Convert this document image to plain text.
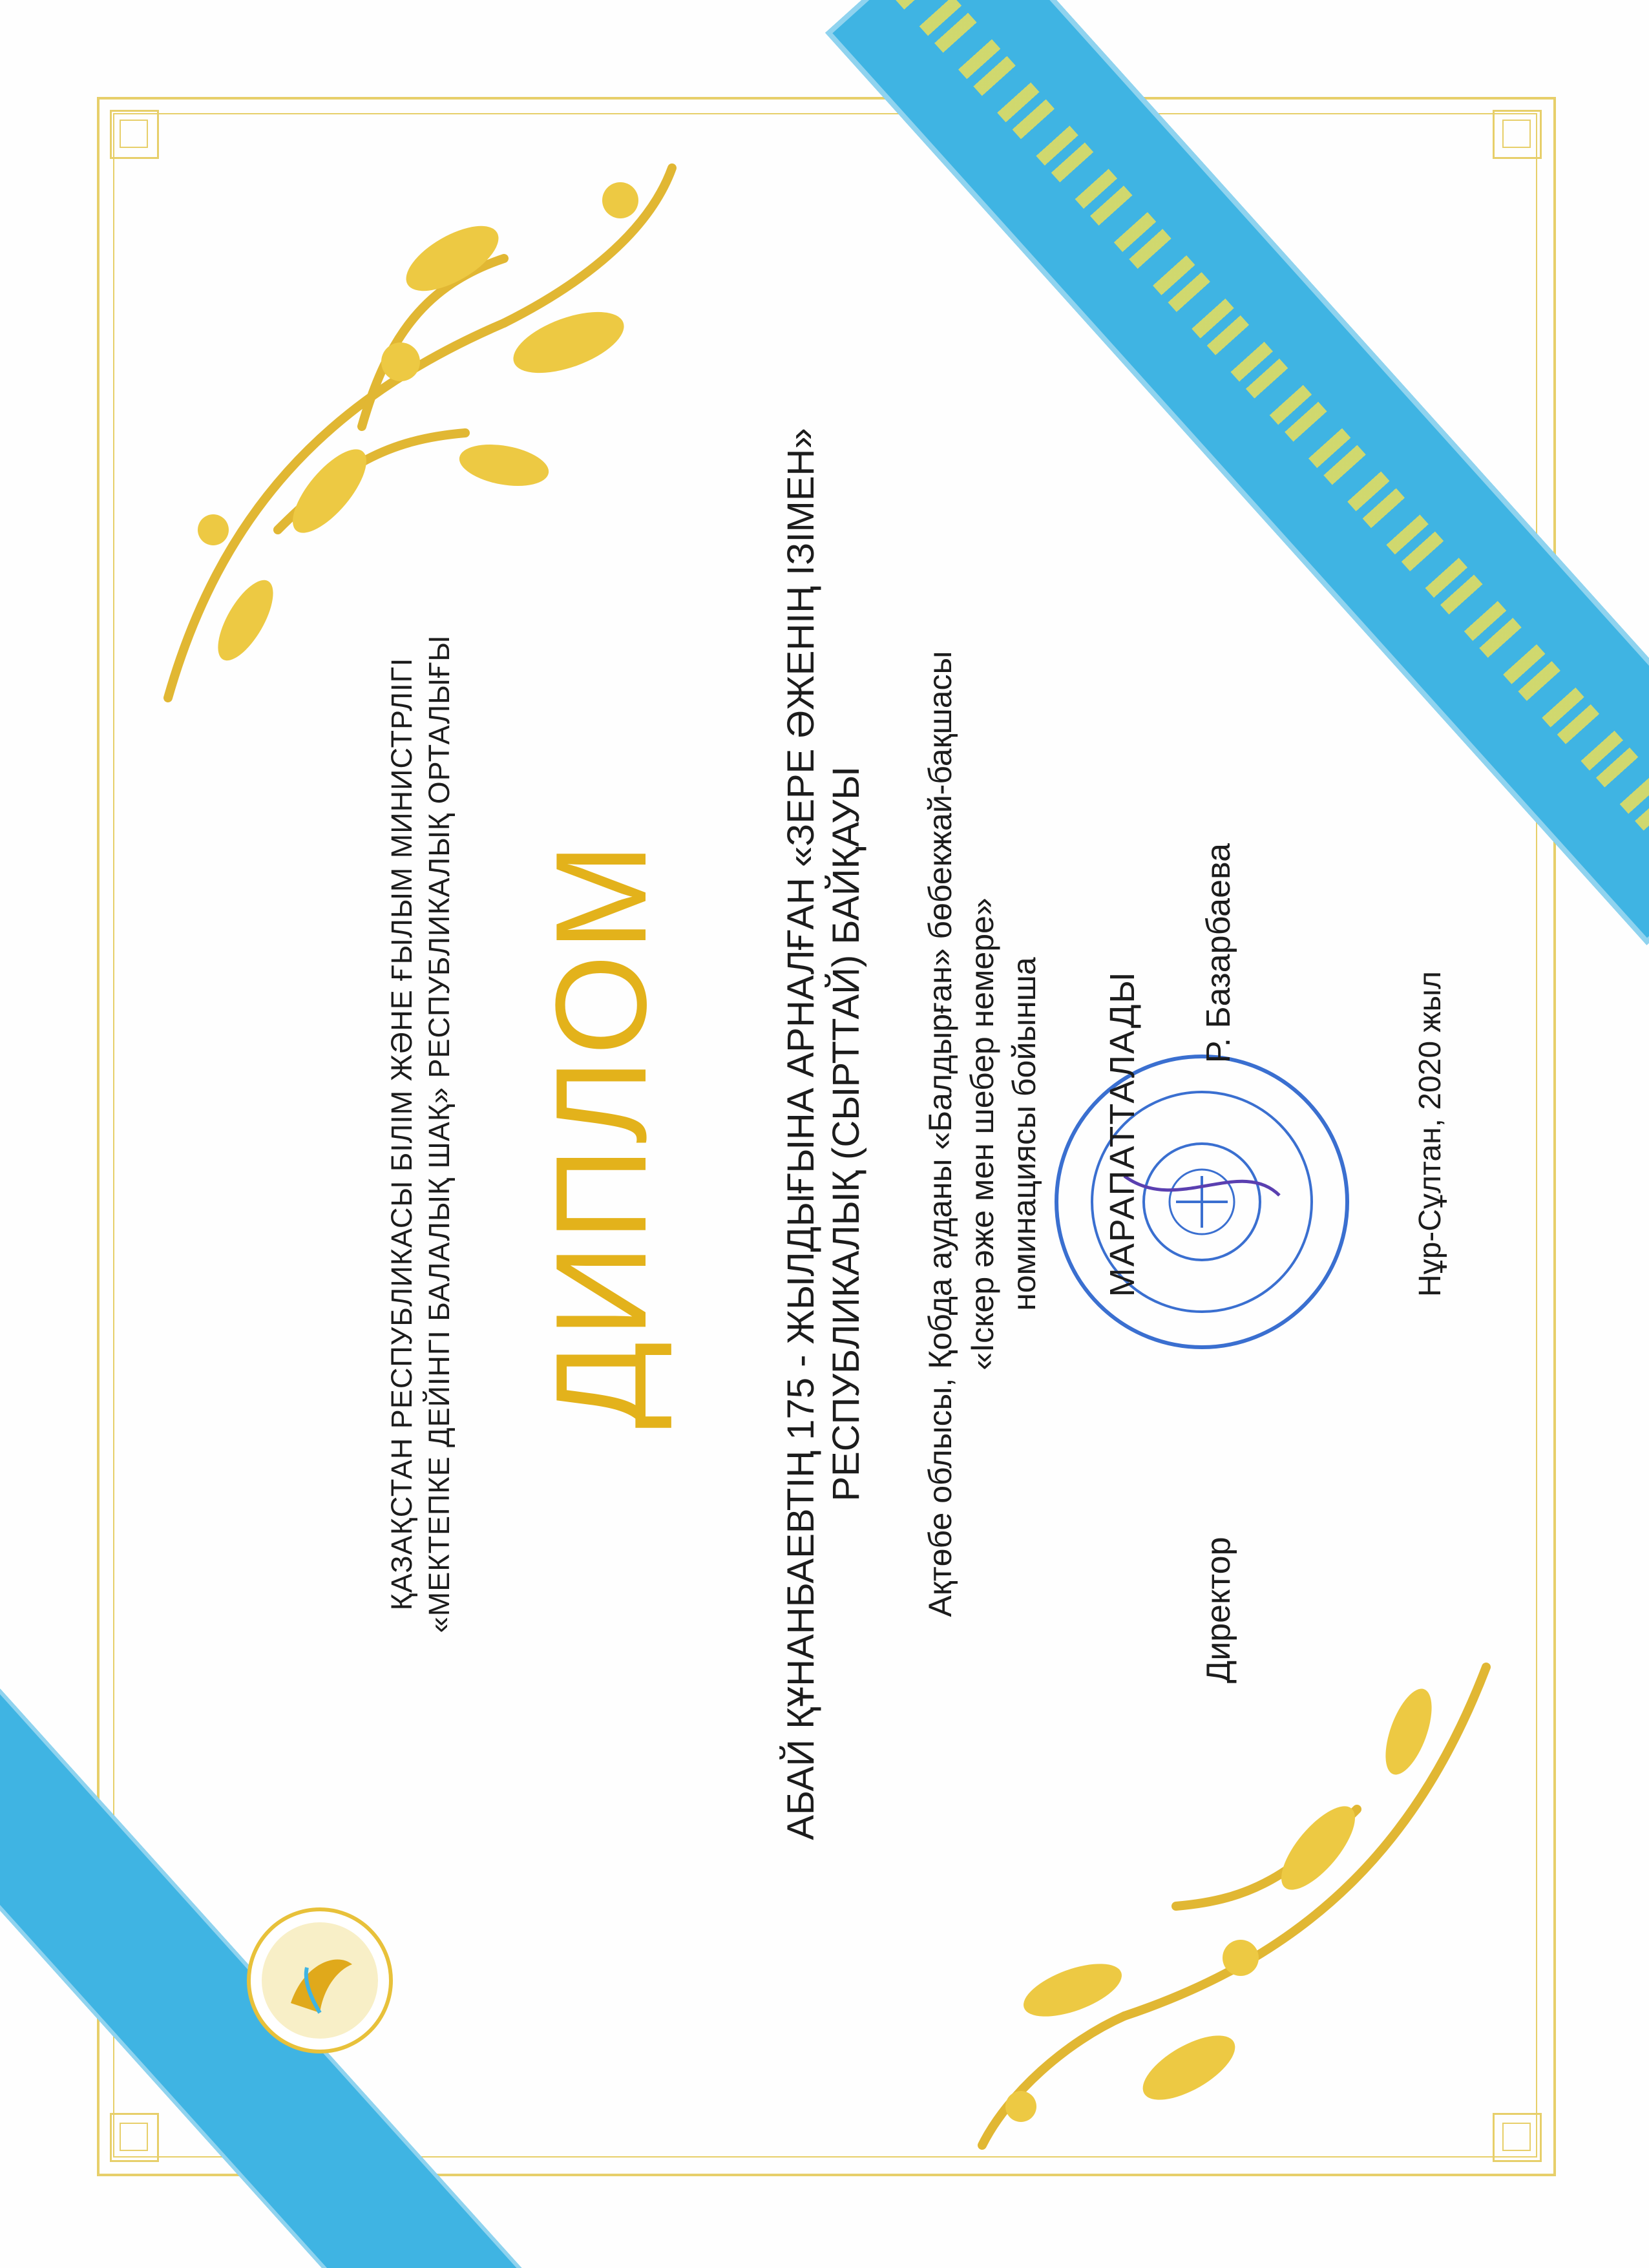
ҚАЗАҚСТАН РЕСПУБЛИКАСЫ БІЛІМ ЖӘНЕ ҒЫЛЫМ МИНИСТРЛІГІ «МЕКТЕПКЕ ДЕЙІНГІ БАЛАЛЫҚ ШАҚ» РЕСПУБЛИКАЛЫҚ ОРТАЛЫҒЫ ДИПЛОМ	АБАЙ ҚҰНАНБАЕВТІҢ 175 - ЖЫЛДЫҒЫНА АРНАЛҒАН «ЗЕРЕ ӘЖЕНІҢ ІЗІМЕН» РЕСПУБЛИКАЛЫҚ (СЫРТТАЙ) БАЙҚАУЫ Ақтөбе облысы, Қобда ауданы «Балдырған» бөбекжай-бақшасы «Іскер әже мен шебер немере» номинациясы бойынша МАРАПАТТАЛАДЫ
Директор
Р. Базарбаева
Нұр-Сұлтан, 2020 жыл
